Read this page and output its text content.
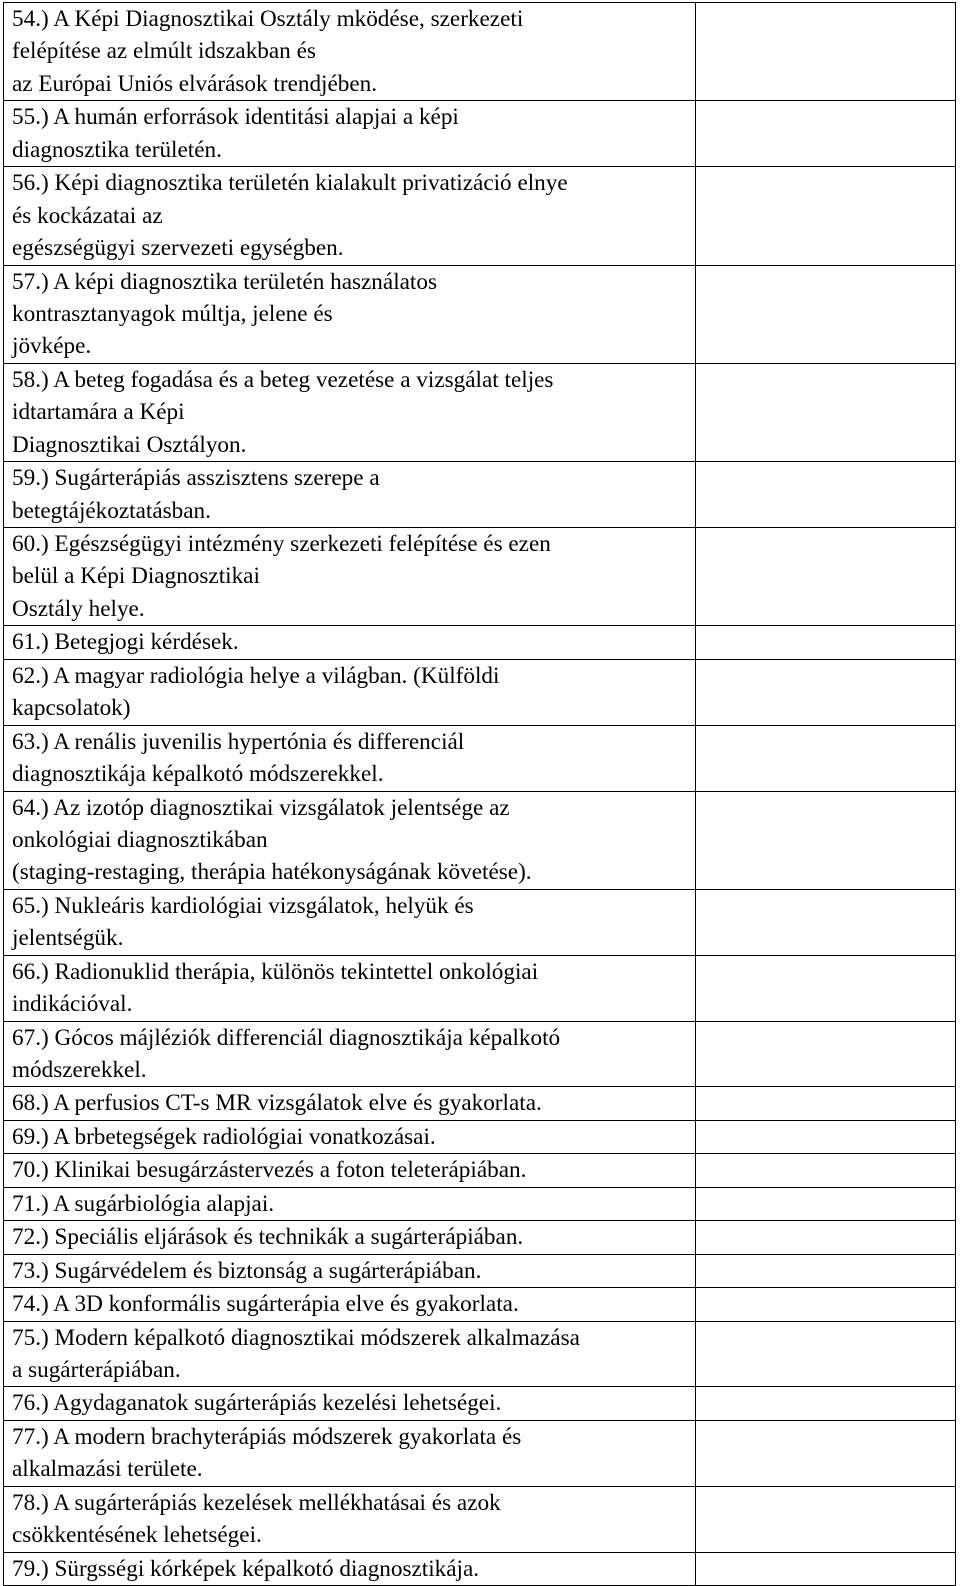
54.) A Képi Diagnosztikai Osztály mködése, szerkezeti
felépítése az elmúlt idszakban és
az Európai Uniós elvárások trendjében.	

55.) A humán erforrások identitási alapjai a képi
diagnosztika területén.	

56.) Képi diagnosztika területén kialakult privatizáció elnye
és kockázatai az
egészségügyi szervezeti egységben.	

57.) A képi diagnosztika területén használatos
kontrasztanyagok múltja, jelene és
jövképe.	

58.) A beteg fogadása és a beteg vezetése a vizsgálat teljes
idtartamára a Képi
Diagnosztikai Osztályon.	

59.) Sugárterápiás asszisztens szerepe a
betegtájékoztatásban.	

60.) Egészségügyi intézmény szerkezeti felépítése és ezen
belül a Képi Diagnosztikai
Osztály helye.	

61.) Betegjogi kérdések.	

62.) A magyar radiológia helye a világban. (Külföldi
kapcsolatok)	

63.) A renális juvenilis hypertónia és differenciál
diagnosztikája képalkotó módszerekkel.	

64.) Az izotóp diagnosztikai vizsgálatok jelentsége az
onkológiai diagnosztikában
(staging-restaging, therápia hatékonyságának követése).	

65.) Nukleáris kardiológiai vizsgálatok, helyük és
jelentségük.	

66.) Radionuklid therápia, különös tekintettel onkológiai
indikációval.	

67.) Gócos májléziók differenciál diagnosztikája képalkotó
módszerekkel.	

68.) A perfusios CT-s MR vizsgálatok elve és gyakorlata.	

69.) A brbetegségek radiológiai vonatkozásai.	

70.) Klinikai besugárzástervezés a foton teleterápiában.	

71.) A sugárbiológia alapjai.	

72.) Speciális eljárások és technikák a sugárterápiában.	

73.) Sugárvédelem és biztonság a sugárterápiában.	

74.) A 3D konformális sugárterápia elve és gyakorlata.	

75.) Modern képalkotó diagnosztikai módszerek alkalmazása
a sugárterápiában.	

76.) Agydaganatok sugárterápiás kezelési lehetségei.	

77.) A modern brachyterápiás módszerek gyakorlata és
alkalmazási területe.	

78.) A sugárterápiás kezelések mellékhatásai és azok
csökkentésének lehetségei.	

79.) Sürgsségi kórképek képalkotó diagnosztikája.	
